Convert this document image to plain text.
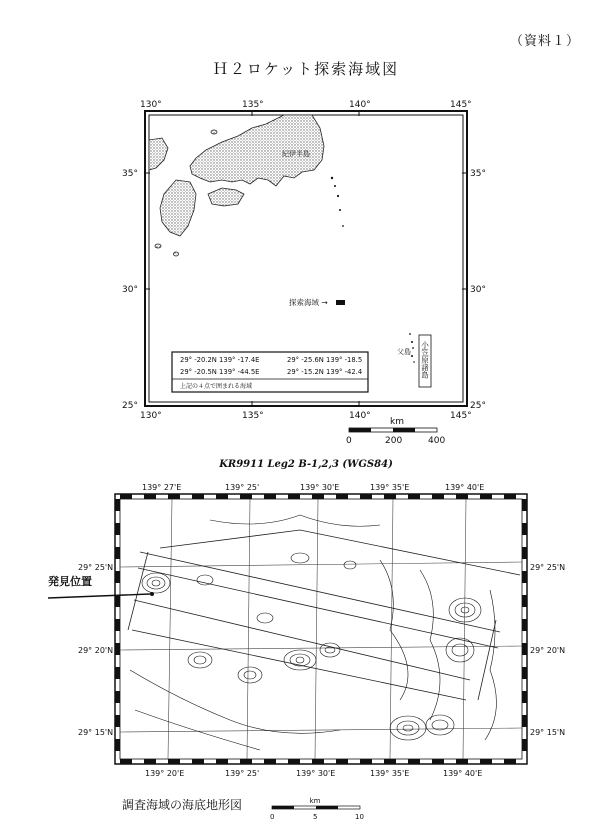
（資料１）
Ｈ２ロケット探索海域図
130°	135°	140°	145°
130°	135°	140°	145°
35°
30°
25°
35°
30°
25°
紀伊半島
探索海域 →
父島 小笠原諸島
29° -20.2N 139° -17.4E	29° -25.6N 139° -18.5
29° -20.5N 139° -44.5E	29° -15.2N 139° -42.4
上記の４点で囲まれる海域
km
0	200	400
KR9911 Leg2 B-1,2,3 (WGS84)
139° 27'E	139° 25'	139° 30'E	139° 35'E	139° 40'E
139° 20'E	139° 25'	139° 30'E	139° 35'E	139° 40'E
29° 25'N
29° 20'N
29° 15'N
29° 25'N
29° 20'N
29° 15'N
発見位置
調査海域の海底地形図	km
0	5	10
